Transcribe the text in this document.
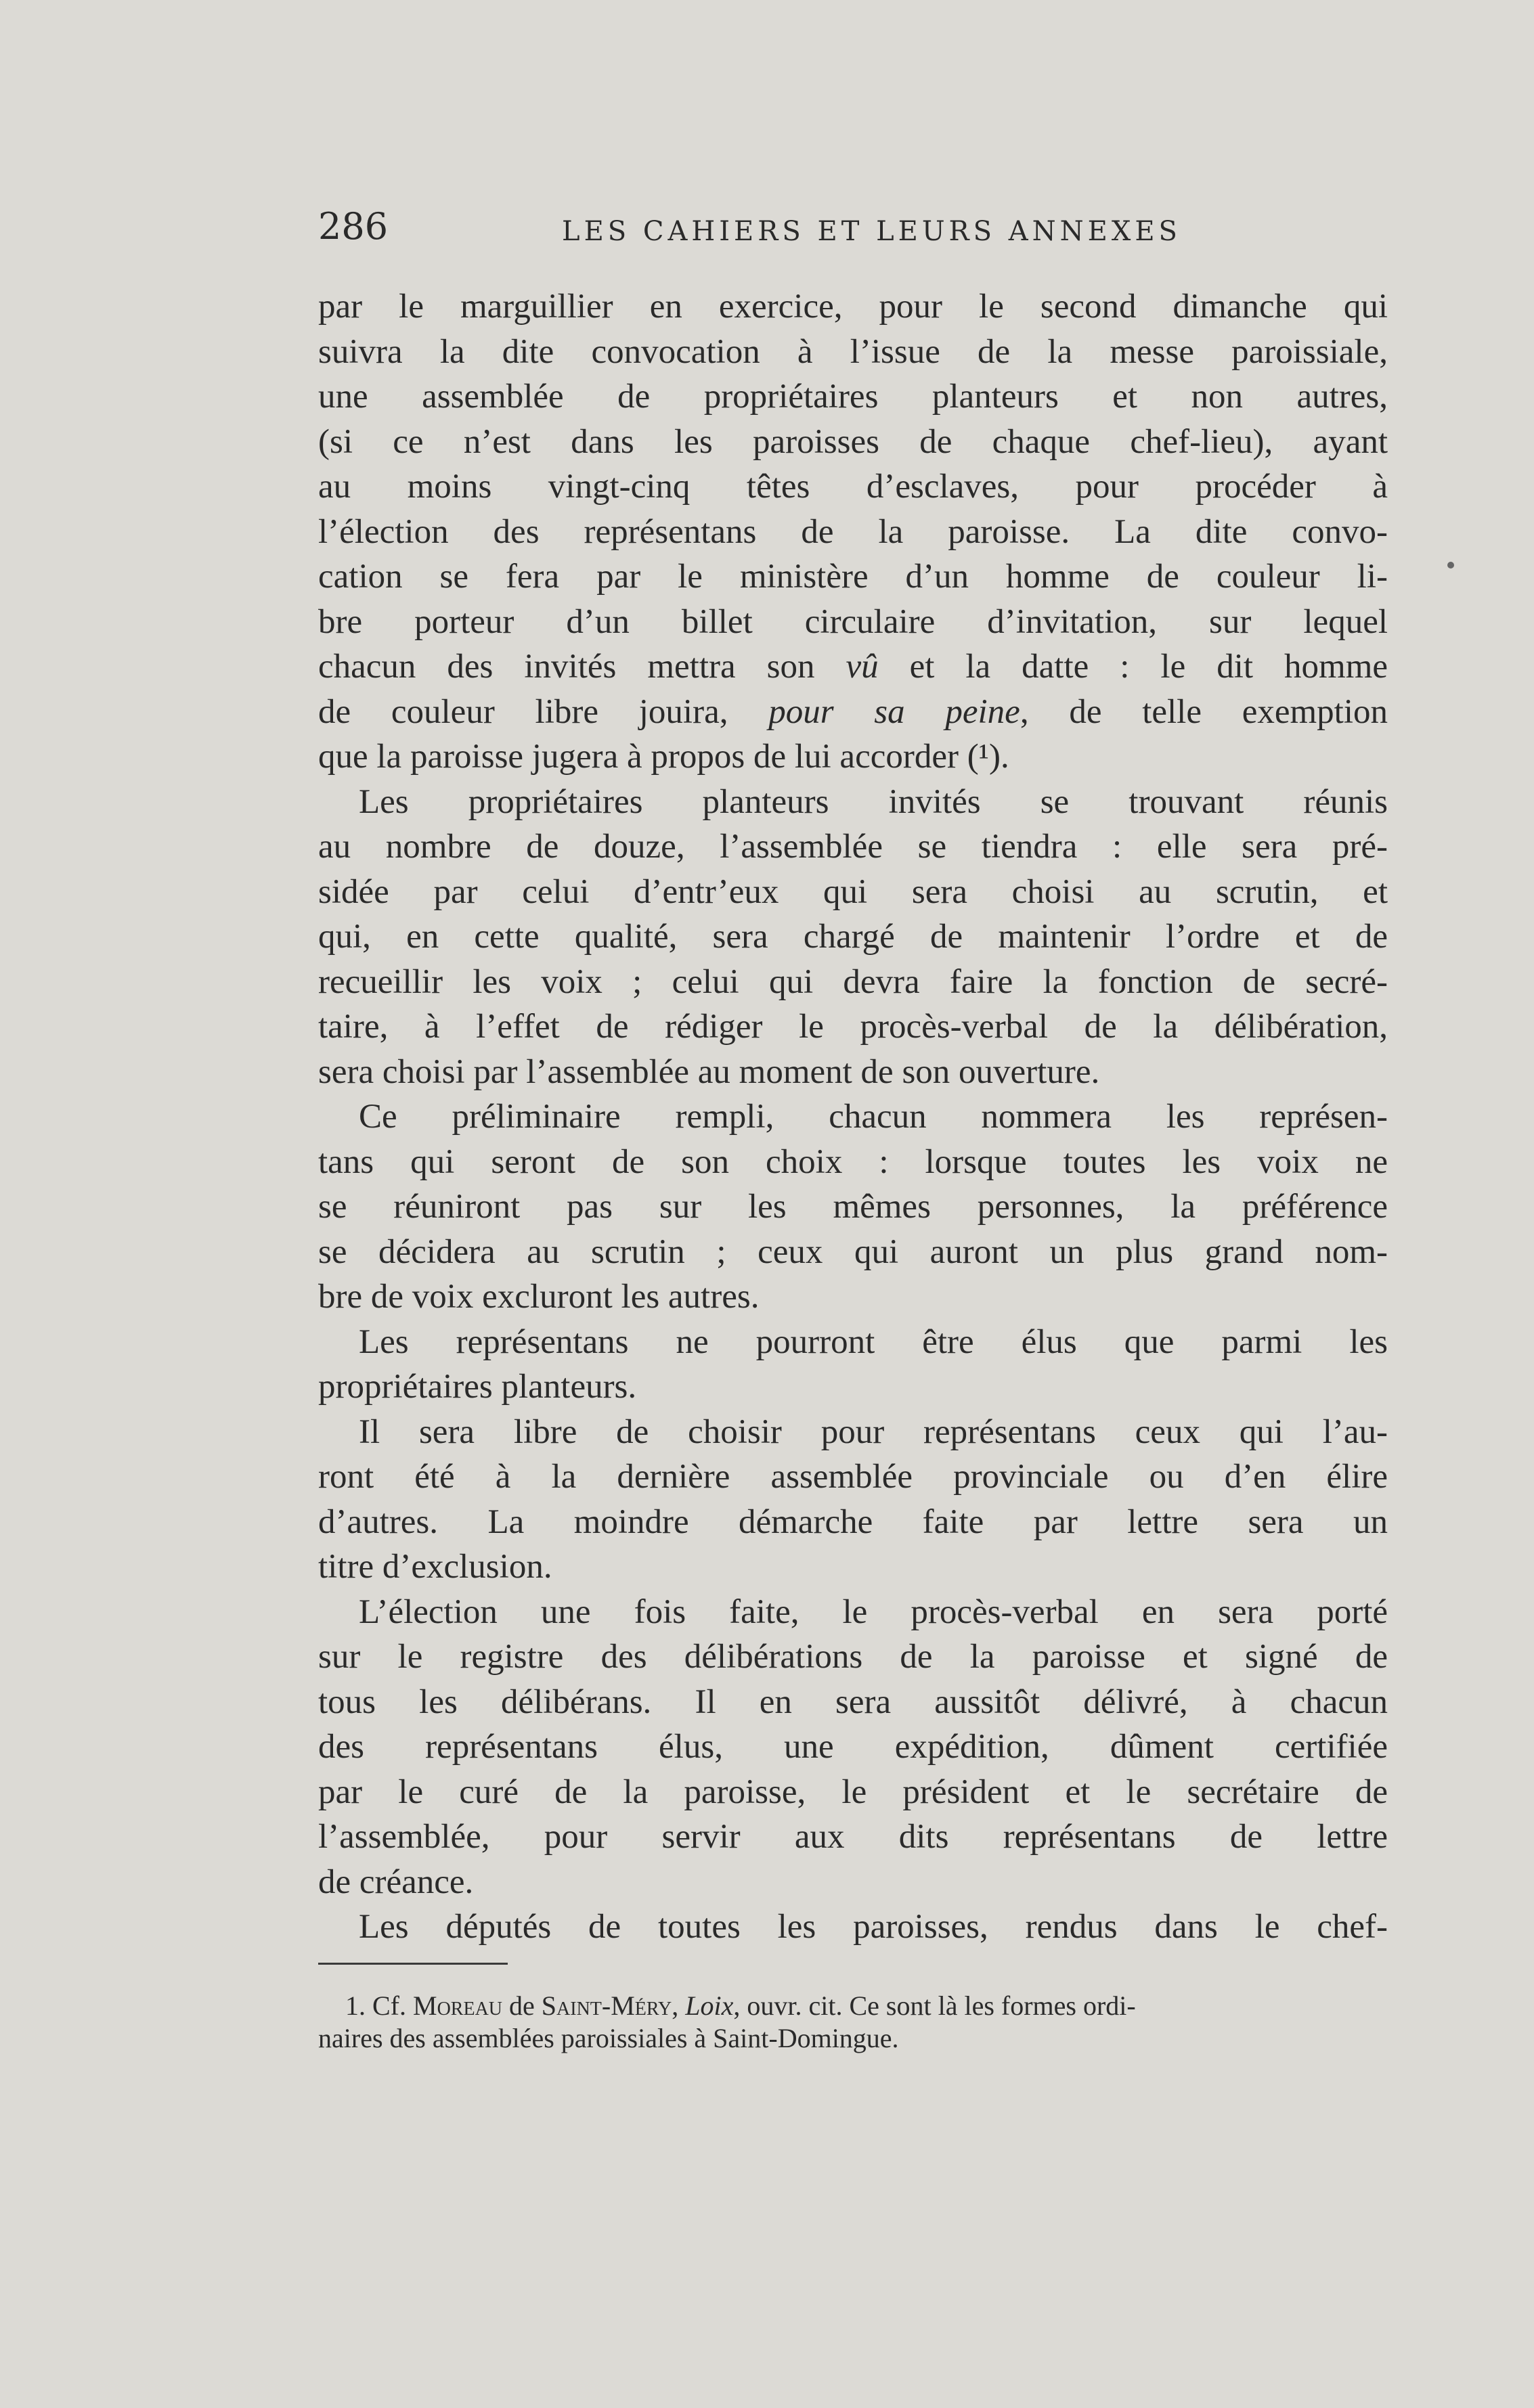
286	LES CAHIERS ET LEURS ANNEXES
par le marguillier en exercice, pour le second dimanche qui
suivra la dite convocation à l’issue de la messe paroissiale,
une assemblée de propriétaires planteurs et non autres,
(si ce n’est dans les paroisses de chaque chef-lieu), ayant
au moins vingt-cinq têtes d’esclaves, pour procéder à
l’élection des représentans de la paroisse. La dite convo-
cation se fera par le ministère d’un homme de couleur li-
bre porteur d’un billet circulaire d’invitation, sur lequel
chacun des invités mettra son vû et la datte : le dit homme
de couleur libre jouira, pour sa peine, de telle exemption
que la paroisse jugera à propos de lui accorder (¹).
Les propriétaires planteurs invités se trouvant réunis
au nombre de douze, l’assemblée se tiendra : elle sera pré-
sidée par celui d’entr’eux qui sera choisi au scrutin, et
qui, en cette qualité, sera chargé de maintenir l’ordre et de
recueillir les voix ; celui qui devra faire la fonction de secré-
taire, à l’effet de rédiger le procès-verbal de la délibération,
sera choisi par l’assemblée au moment de son ouverture.
Ce préliminaire rempli, chacun nommera les représen-
tans qui seront de son choix : lorsque toutes les voix ne
se réuniront pas sur les mêmes personnes, la préférence
se décidera au scrutin ; ceux qui auront un plus grand nom-
bre de voix excluront les autres.
Les représentans ne pourront être élus que parmi les
propriétaires planteurs.
Il sera libre de choisir pour représentans ceux qui l’au-
ront été à la dernière assemblée provinciale ou d’en élire
d’autres. La moindre démarche faite par lettre sera un
titre d’exclusion.
L’élection une fois faite, le procès-verbal en sera porté
sur le registre des délibérations de la paroisse et signé de
tous les délibérans. Il en sera aussitôt délivré, à chacun
des représentans élus, une expédition, dûment certifiée
par le curé de la paroisse, le président et le secrétaire de
l’assemblée, pour servir aux dits représentans de lettre
de créance.
Les députés de toutes les paroisses, rendus dans le chef-

1. Cf. Moreau de Saint-Méry, Loix, ouvr. cit. Ce sont là les formes ordi-

naires des assemblées paroissiales à Saint-Domingue.
